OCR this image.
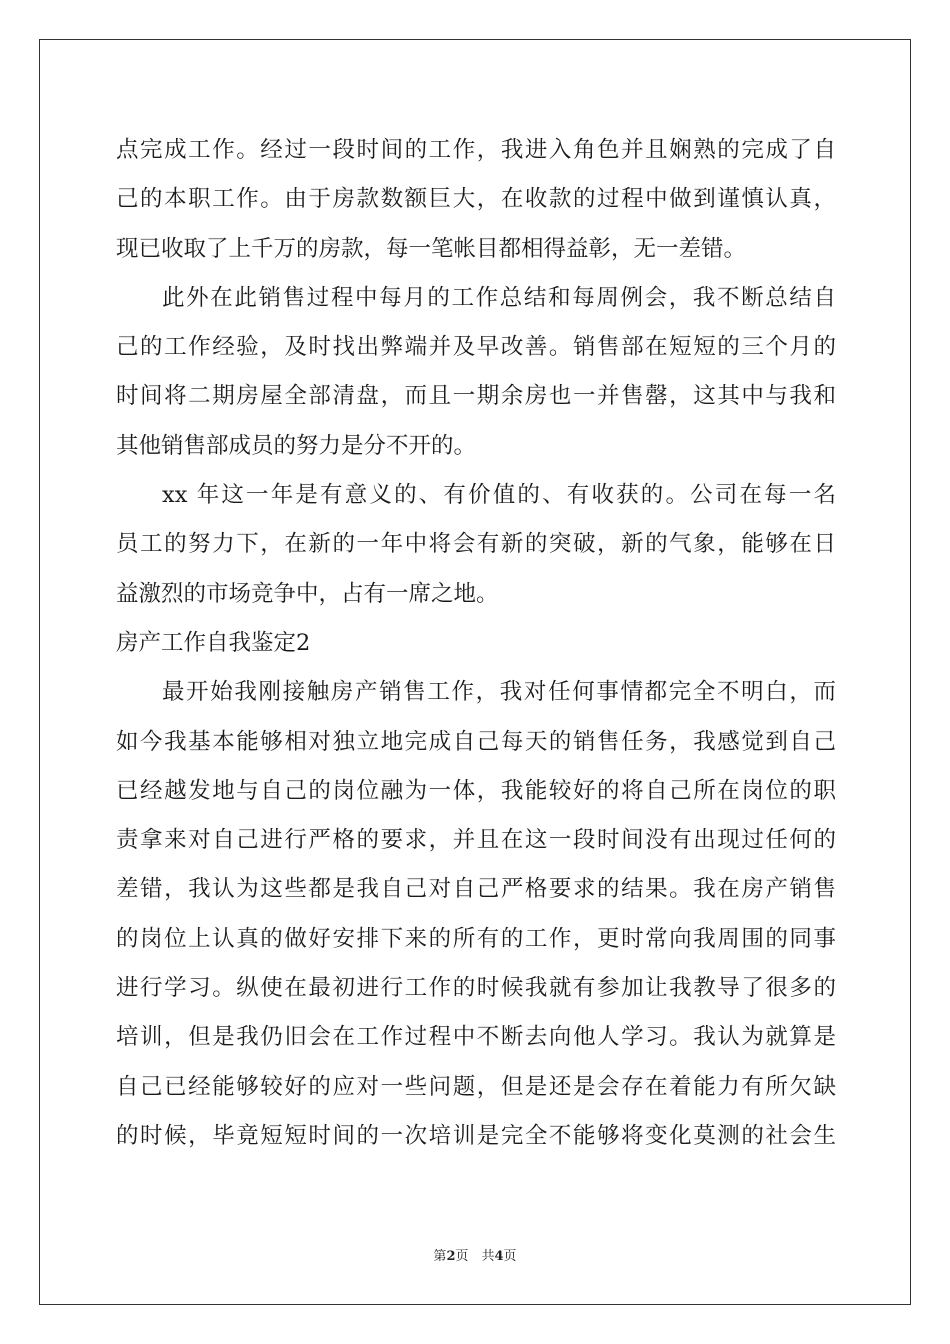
点完成工作。经过一段时间的工作，我进入角色并且娴熟的完成了自
己的本职工作。由于房款数额巨大，在收款的过程中做到谨慎认真，
现已收取了上千万的房款，每一笔帐目都相得益彰，无一差错。
此外在此销售过程中每月的工作总结和每周例会，我不断总结自
己的工作经验，及时找出弊端并及早改善。销售部在短短的三个月的
时间将二期房屋全部清盘，而且一期余房也一并售罄，这其中与我和
其他销售部成员的努力是分不开的。
xx 年这一年是有意义的、有价值的、有收获的。公司在每一名
员工的努力下，在新的一年中将会有新的突破，新的气象，能够在日
益激烈的市场竞争中，占有一席之地。
房产工作自我鉴定2
最开始我刚接触房产销售工作，我对任何事情都完全不明白，而
如今我基本能够相对独立地完成自己每天的销售任务，我感觉到自己
已经越发地与自己的岗位融为一体，我能较好的将自己所在岗位的职
责拿来对自己进行严格的要求，并且在这一段时间没有出现过任何的
差错，我认为这些都是我自己对自己严格要求的结果。我在房产销售
的岗位上认真的做好安排下来的所有的工作，更时常向我周围的同事
进行学习。纵使在最初进行工作的时候我就有参加让我教导了很多的
培训，但是我仍旧会在工作过程中不断去向他人学习。我认为就算是
自己已经能够较好的应对一些问题，但是还是会存在着能力有所欠缺
的时候，毕竟短短时间的一次培训是完全不能够将变化莫测的社会生
第2页　共4页
